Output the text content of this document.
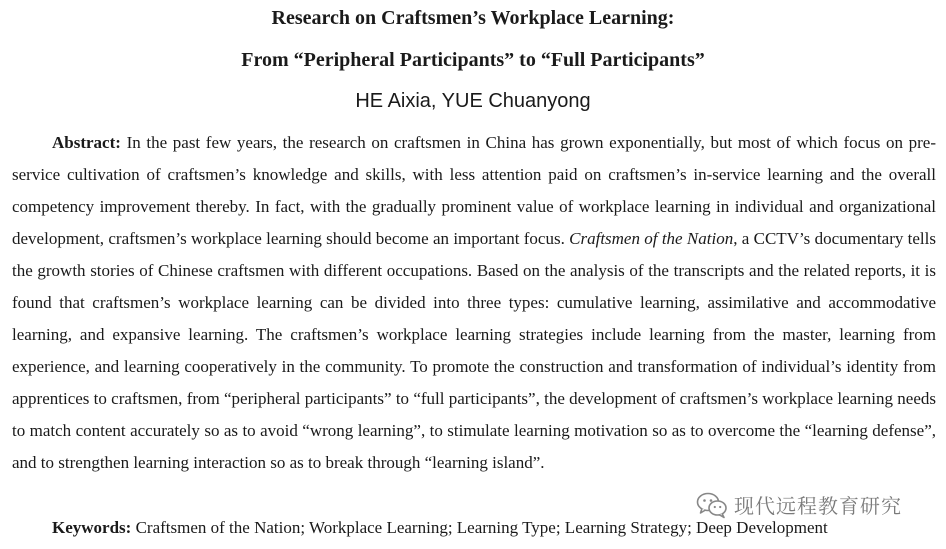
Research on Craftsmen’s Workplace Learning:
From “Peripheral Participants” to “Full Participants”
HE Aixia, YUE Chuanyong

Abstract: In the past few years, the research on craftsmen in China has grown exponentially, but most of which focus on pre-service cultivation of craftsmen’s knowledge and skills, with less attention paid on craftsmen’s in-service learning and the overall competency improvement thereby. In fact, with the gradually prominent value of workplace learning in individual and organizational development, craftsmen’s workplace learning should become an important focus. Craftsmen of the Nation, a CCTV’s documentary tells the growth stories of Chinese craftsmen with different occupations. Based on the analysis of the transcripts and the related reports, it is found that craftsmen’s workplace learning can be divided into three types: cumulative learning, assimilative and accommodative learning, and expansive learning. The craftsmen’s workplace learning strategies include learning from the master, learning from experience, and learning cooperatively in the community. To promote the construction and transformation of individual’s identity from apprentices to craftsmen, from “peripheral participants” to “full participants”, the development of craftsmen’s workplace learning needs to match content accurately so as to avoid “wrong learning”, to stimulate learning motivation so as to overcome the “learning defense”, and to strengthen learning interaction so as to break through “learning island”.

Keywords: Craftsmen of the Nation; Workplace Learning; Learning Type; Learning Strategy; Deep Development
现代远程教育研究
